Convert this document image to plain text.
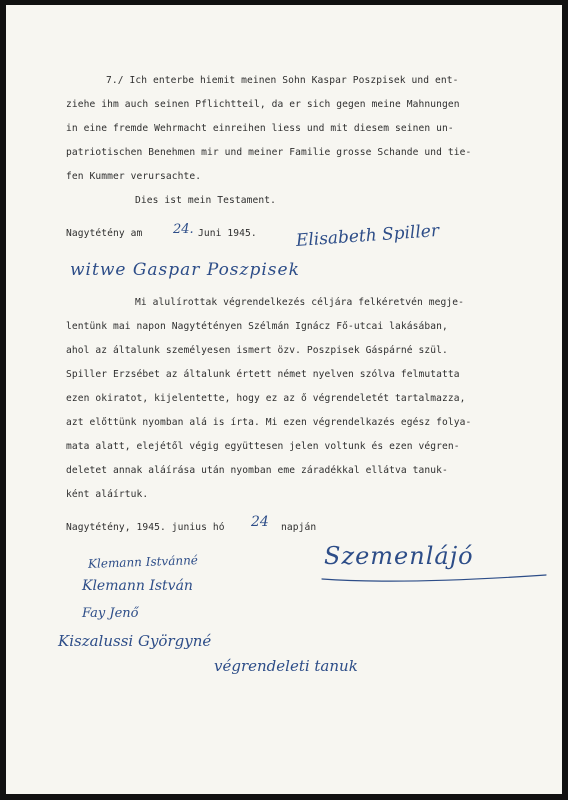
7./ Ich enterbe hiemit meinen Sohn Kaspar Poszpisek und ent-
ziehe ihm auch seinen Pflichtteil, da er sich gegen meine Mahnungen
in eine fremde Wehrmacht einreihen liess und mit diesem seinen un-
patriotischen Benehmen mir und meiner Familie grosse Schande und tie-
fen Kummer verursachte.
Dies ist mein Testament.
Nagytétény am 24. Juni 1945. Elisabeth Spiller
witwe Gaspar Poszpisek
Mi alulírottak végrendelkezés céljára felkéretvén megje-
lentünk mai napon Nagytétényen Szélmán Ignácz Fő-utcai lakásában,
ahol az általunk személyesen ismert özv. Poszpisek Gáspárné szül.
Spiller Erzsébet az általunk értett német nyelven szólva felmutatta
ezen okiratot, kijelentette, hogy ez az ő végrendeletét tartalmazza,
azt előttünk nyomban alá is írta. Mi ezen végrendelkazés egész folya-
mata alatt, elejétől végig együttesen jelen voltunk és ezen végren-
deletet annak aláírása után nyomban eme záradékkal ellátva tanuk-
ként aláírtuk.
Nagytétény, 1945. junius hó 24 napján
Klemann Istvánné
Klemann István
Fay Jenő
Kiszalussi Györgyné
Szemenlájó
végrendeleti tanuk
